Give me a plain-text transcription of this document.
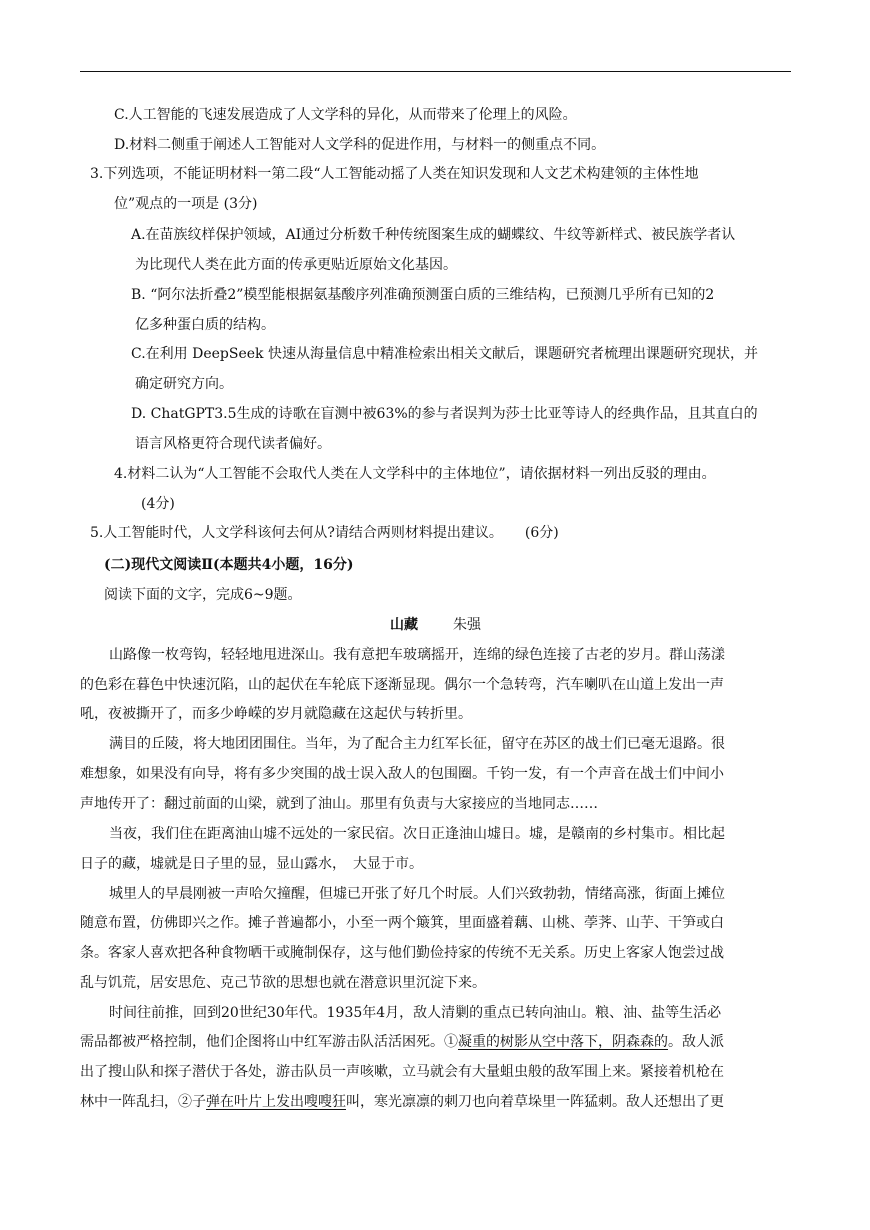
C.人工智能的飞速发展造成了人文学科的异化，从而带来了伦理上的风险。
D.材料二侧重于阐述人工智能对人文学科的促进作用，与材料一的侧重点不同。
3.下列选项，不能证明材料一第二段“人工智能动摇了人类在知识发现和人文艺术构建领的主体性地
位”观点的一项是 (3分)
A.在苗族纹样保护领域，AI通过分析数千种传统图案生成的蝴蝶纹、牛纹等新样式、被民族学者认
为比现代人类在此方面的传承更贴近原始文化基因。
B. “阿尔法折叠2”模型能根据氨基酸序列准确预测蛋白质的三维结构，已预测几乎所有已知的2
亿多种蛋白质的结构。
C.在利用 DeepSeek 快速从海量信息中精准检索出相关文献后，课题研究者梳理出课题研究现状，并
确定研究方向。
D. ChatGPT3.5生成的诗歌在盲测中被63%的参与者误判为莎士比亚等诗人的经典作品，且其直白的
语言风格更符合现代读者偏好。
4.材料二认为“人工智能不会取代人类在人文学科中的主体地位”，请依据材料一列出反驳的理由。
(4分)
5.人工智能时代，人文学科该何去何从?请结合两则材料提出建议。 (6分)
(二)现代文阅读Ⅱ(本题共4小题，16分)
阅读下面的文字，完成6~9题。
山藏	朱强
山路像一枚弯钩，轻轻地甩进深山。我有意把车玻璃摇开，连绵的绿色连接了古老的岁月。群山荡漾
的色彩在暮色中快速沉陷，山的起伏在车轮底下逐渐显现。偶尔一个急转弯，汽车喇叭在山道上发出一声
吼，夜被撕开了，而多少峥嵘的岁月就隐藏在这起伏与转折里。
满目的丘陵，将大地团团围住。当年，为了配合主力红军长征，留守在苏区的战士们已毫无退路。很
难想象，如果没有向导，将有多少突围的战士误入敌人的包围圈。千钧一发，有一个声音在战士们中间小
声地传开了：翻过前面的山梁，就到了油山。那里有负责与大家接应的当地同志……
当夜，我们住在距离油山墟不远处的一家民宿。次日正逢油山墟日。墟，是赣南的乡村集市。相比起
日子的藏，墟就是日子里的显，显山露水，　大显于市。
城里人的早晨刚被一声哈欠撞醒，但墟已开张了好几个时辰。人们兴致勃勃，情绪高涨，街面上摊位
随意布置，仿佛即兴之作。摊子普遍都小，小至一两个簸箕，里面盛着藕、山桃、荸荠、山芋、干笋或白
条。客家人喜欢把各种食物晒干或腌制保存，这与他们勤俭持家的传统不无关系。历史上客家人饱尝过战
乱与饥荒，居安思危、克己节欲的思想也就在潜意识里沉淀下来。
时间往前推，回到20世纪30年代。1935年4月，敌人清剿的重点已转向油山。粮、油、盐等生活必
需品都被严格控制，他们企图将山中红军游击队活活困死。①凝重的树影从空中落下，阴森森的。敌人派
出了搜山队和探子潜伏于各处，游击队员一声咳嗽，立马就会有大量蛆虫般的敌军围上来。紧接着机枪在
林中一阵乱扫，②子弹在叶片上发出嗖嗖狂叫，寒光凛凛的刺刀也向着草垛里一阵猛刺。敌人还想出了更
